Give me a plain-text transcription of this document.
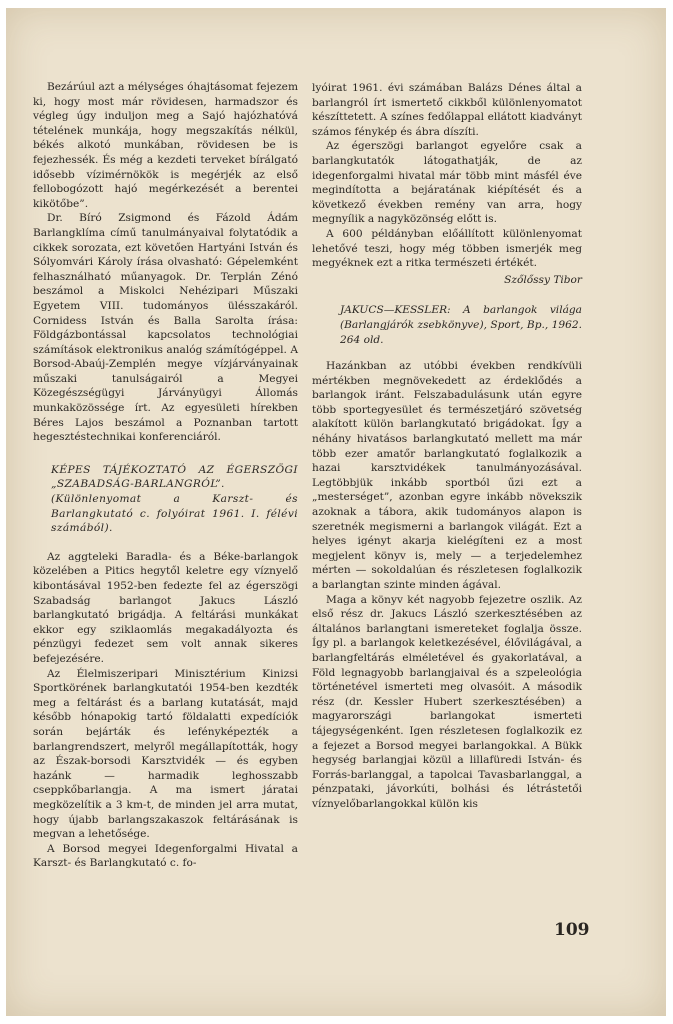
Bezárúul azt a mélységes óhajtásomat fejezem ki, hogy most már rövidesen, harmadszor és végleg úgy induljon meg a Sajó hajózhatóvá tételének munkája, hogy megszakítás nélkül, békés alkotó munkában, rövidesen be is fejezhessék. És még a kezdeti terveket bírálgató idősebb vízimérnökök is megérjék az első fellobogózott hajó megérkezését a berentei kikötőbe”.

Dr. Bíró Zsigmond és Fázold Ádám Barlangklíma című tanulmányaival folytatódik a cikkek sorozata, ezt követően Hartyáni István és Sólyomvári Károly írása olvasható: Gépelemként felhasználható műanyagok. Dr. Terplán Zénó beszámol a Miskolci Nehézipari Műszaki Egyetem VIII. tudományos ülésszakáról. Cornidess István és Balla Sarolta írása: Földgázbontással kapcsolatos technológiai számítások elektronikus analóg számítógéppel. A Borsod-Abaúj-Zemplén megye vízjárványainak műszaki tanulságairól a Megyei Közegészségügyi Járványügyi Állomás munkaközössége írt. Az egyesületi hírekben Béres Lajos beszámol a Poznanban tartott hegesztéstechnikai konferenciáról.

KÉPES TÁJÉKOZTATÓ AZ ÉGERSZÖGI „SZABADSÁG-BARLANGRÓL”. (Különlenyomat a Karszt- és Barlangkutató c. folyóirat 1961. I. félévi számából).

Az aggteleki Baradla- és a Béke-barlangok közelében a Pitics hegytől keletre egy víznyelő kibontásával 1952-ben fedezte fel az égerszögi Szabadság barlangot Jakucs László barlangkutató brigádja. A feltárási munkákat ekkor egy sziklaomlás megakadályozta és pénzügyi fedezet sem volt annak sikeres befejezésére.

Az Élelmiszeripari Minisztérium Kinizsi Sportkörének barlangkutatói 1954-ben kezdték meg a feltárást és a barlang kutatását, majd később hónapokig tartó földalatti expedíciók során bejárták és lefényképezték a barlangrendszert, melyről megállapították, hogy az Észak-borsodi Karsztvidék — és egyben hazánk — harmadik leghosszabb cseppkőbarlangja. A ma ismert járatai megközelítik a 3 km-t, de minden jel arra mutat, hogy újabb barlangszakaszok feltárásának is megvan a lehetősége.

A Borsod megyei Idegenforgalmi Hivatal a Karszt- és Barlangkutató c. fo-

lyóirat 1961. évi számában Balázs Dénes által a barlangról írt ismertető cikkből különlenyomatot készíttetett. A színes fedőlappal ellátott kiadványt számos fénykép és ábra díszíti.

Az égerszögi barlangot egyelőre csak a barlangkutatók látogathatják, de az idegenforgalmi hivatal már több mint másfél éve megindította a bejáratának kiépítését és a következő években remény van arra, hogy megnyílik a nagyközönség előtt is.

A 600 példányban előállított különlenyomat lehetővé teszi, hogy még többen ismerjék meg megyéknek ezt a ritka természeti értékét.

Szőlőssy Tibor

JAKUCS—KESSLER: A barlangok világa (Barlangjárók zsebkönyve), Sport, Bp., 1962. 264 old.

Hazánkban az utóbbi években rendkívüli mértékben megnövekedett az érdeklődés a barlangok iránt. Felszabadulásunk után egyre több sportegyesület és természetjáró szövetség alakított külön barlangkutató brigádokat. Így a néhány hivatásos barlangkutató mellett ma már több ezer amatőr barlangkutató foglalkozik a hazai karsztvidékek tanulmányozásával. Legtöbbjük inkább sportból űzi ezt a „mesterséget”, azonban egyre inkább növekszik azoknak a tábora, akik tudományos alapon is szeretnék megismerni a barlangok világát. Ezt a helyes igényt akarja kielégíteni ez a most megjelent könyv is, mely — a terjedelemhez mérten — sokoldalúan és részletesen foglalkozik a barlangtan szinte minden ágával.

Maga a könyv két nagyobb fejezetre oszlik. Az első rész dr. Jakucs László szerkesztésében az általános barlangtani ismereteket foglalja össze. Így pl. a barlangok keletkezésével, élővilágával, a barlangfeltárás elméletével és gyakorlatával, a Föld legnagyobb barlangjaival és a szpeleológia történetével ismerteti meg olvasóit. A második rész (dr. Kessler Hubert szerkesztésében) a magyarországi barlangokat ismerteti tájegységenként. Igen részletesen foglalkozik ez a fejezet a Borsod megyei barlangokkal. A Bükk hegység barlangjai közül a lillafüredi István- és Forrás-barlanggal, a tapolcai Tavasbarlanggal, a pénzpataki, jávorkúti, bolhási és létrástetői víznyelőbarlangokkal külön kis

109
